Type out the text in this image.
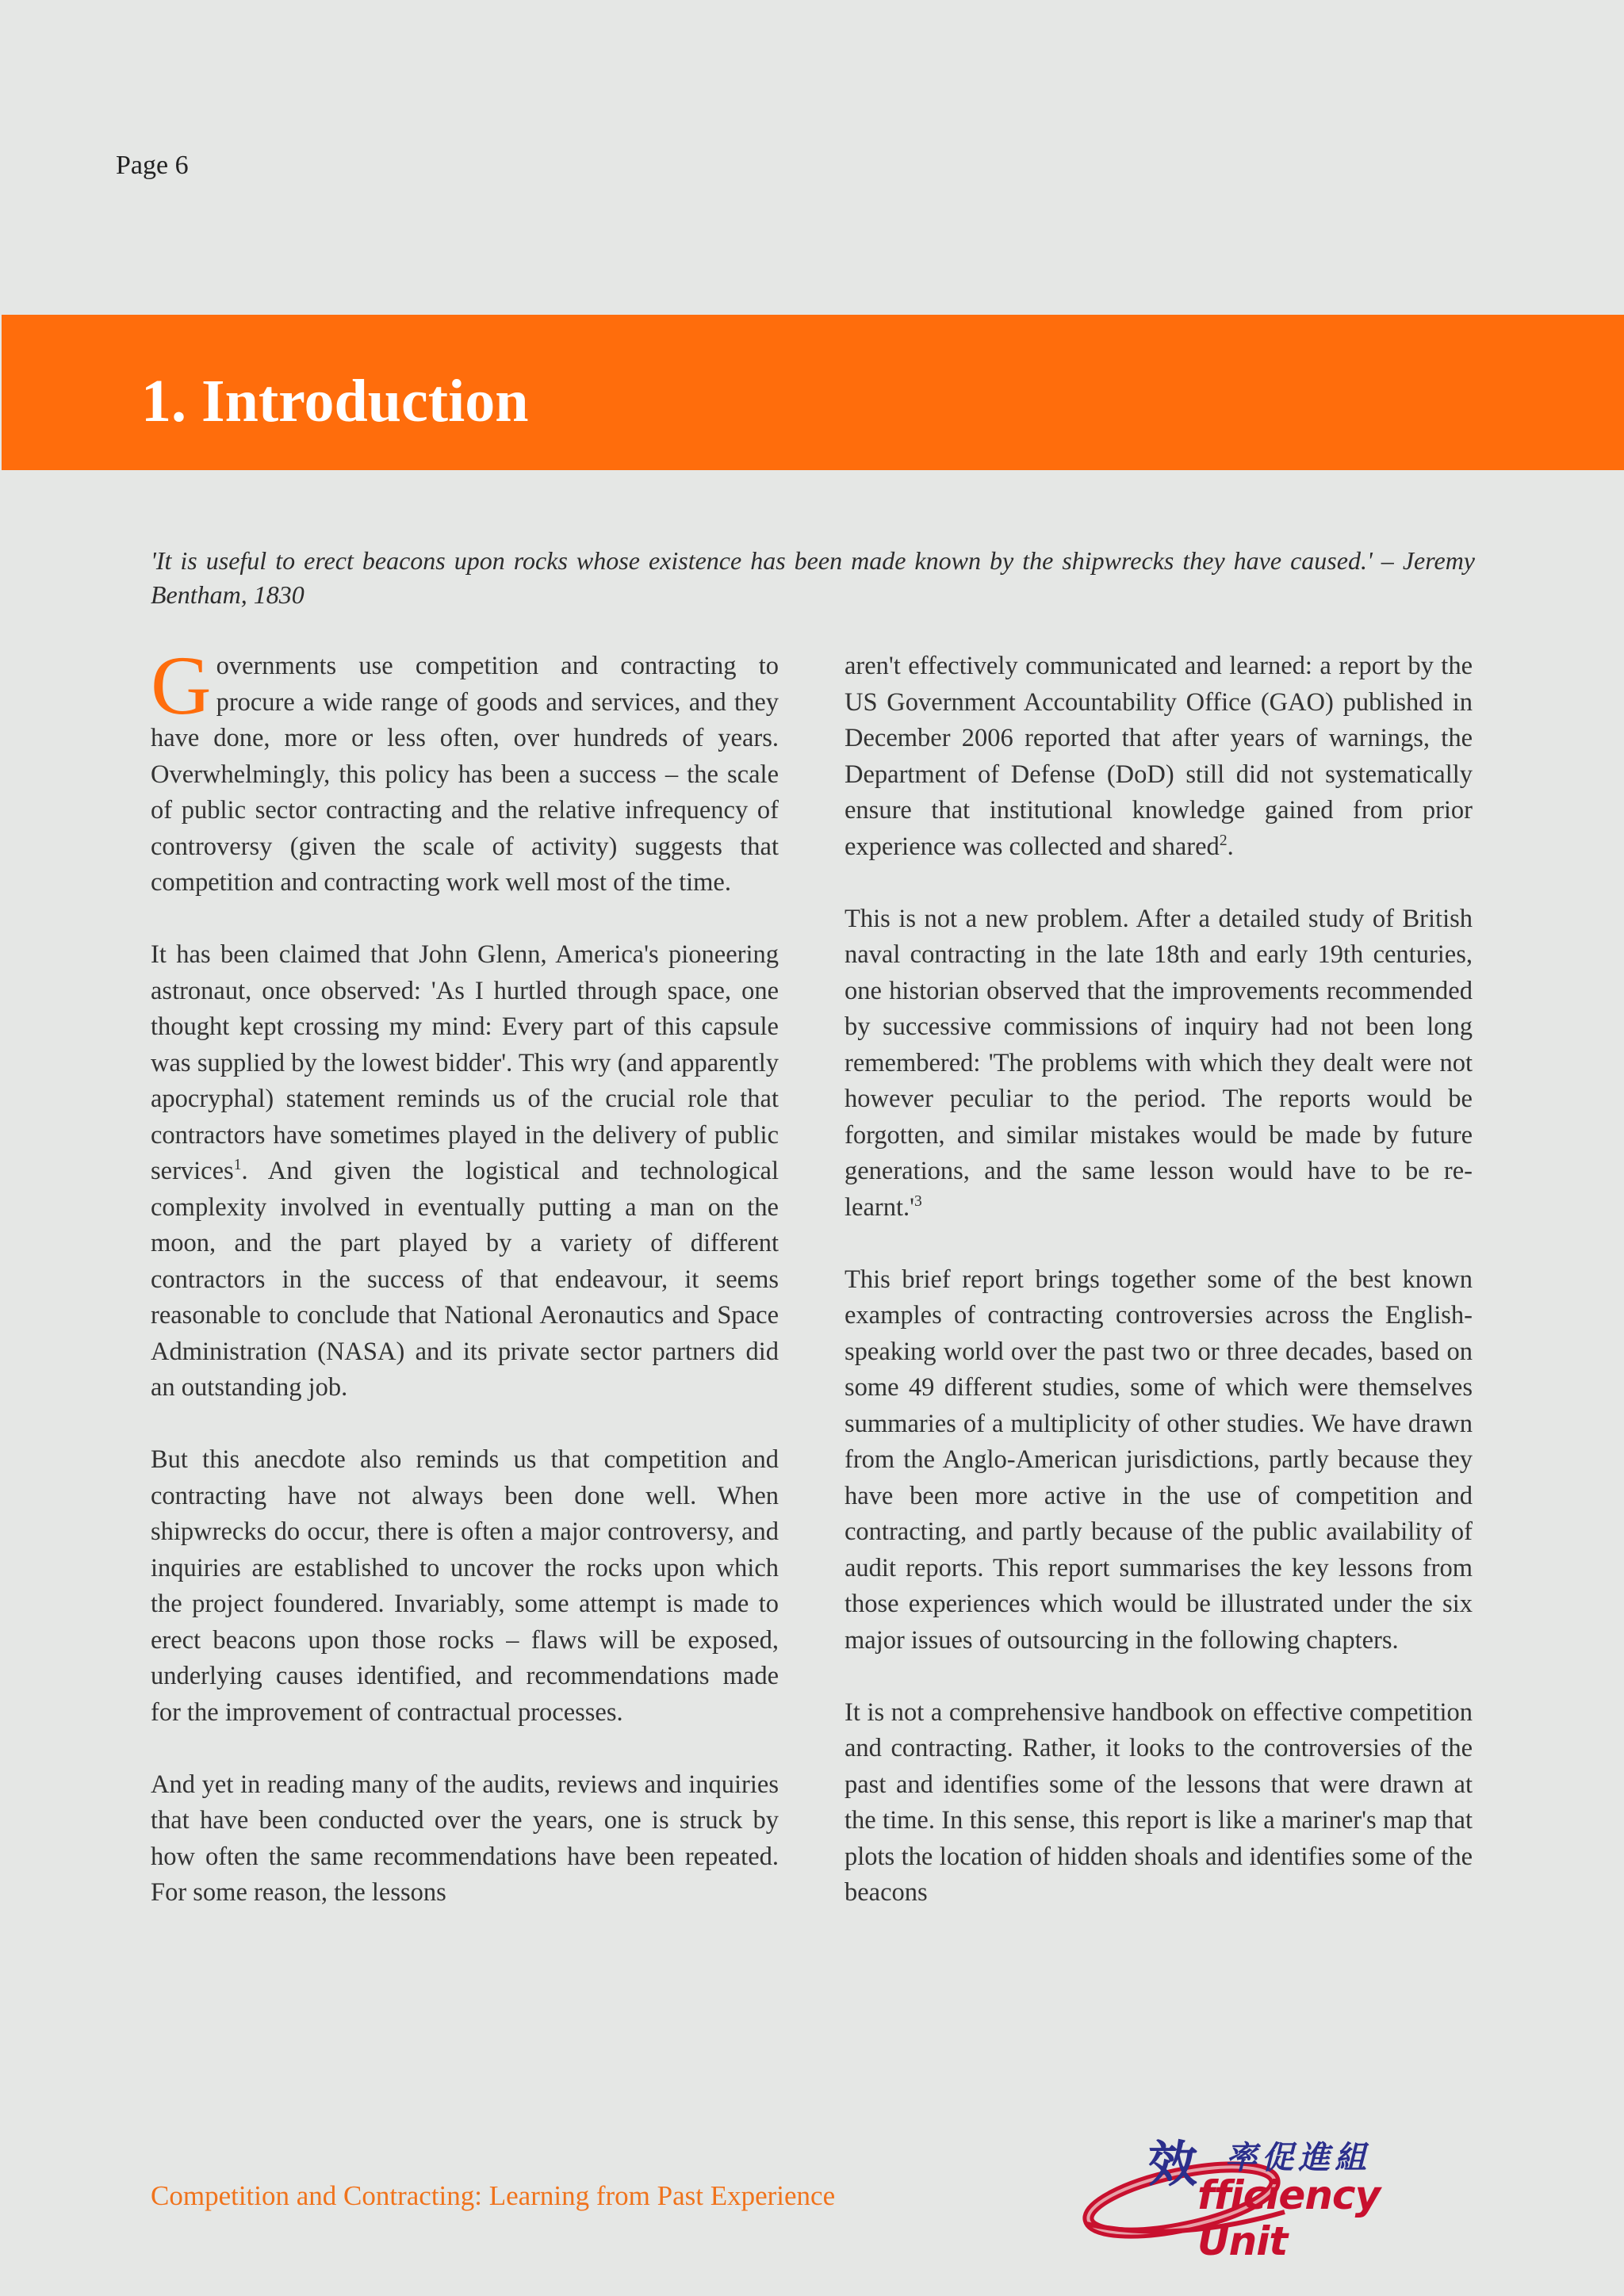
Page 6
1. Introduction
'It is useful to erect beacons upon rocks whose existence has been made known by the shipwrecks they have caused.' – Jeremy Bentham, 1830

Governments use competition and contracting to procure a wide range of goods and services, and they have done, more or less often, over hundreds of years. Overwhelmingly, this policy has been a success – the scale of public sector contracting and the relative infrequency of controversy (given the scale of activity) suggests that competition and contracting work well most of the time.

It has been claimed that John Glenn, America's pioneering astronaut, once observed: 'As I hurtled through space, one thought kept crossing my mind: Every part of this capsule was supplied by the lowest bidder'. This wry (and apparently apocryphal) statement reminds us of the crucial role that contractors have sometimes played in the delivery of public services$^1$. And given the logistical and technological complexity involved in eventually putting a man on the moon, and the part played by a variety of different contractors in the success of that endeavour, it seems reasonable to conclude that National Aeronautics and Space Administration (NASA) and its private sector partners did an outstanding job.

But this anecdote also reminds us that competition and contracting have not always been done well. When shipwrecks do occur, there is often a major controversy, and inquiries are established to uncover the rocks upon which the project foundered. Invariably, some attempt is made to erect beacons upon those rocks – flaws will be exposed, underlying causes identified, and recommendations made for the improvement of contractual processes.

And yet in reading many of the audits, reviews and inquiries that have been conducted over the years, one is struck by how often the same recommendations have been repeated. For some reason, the lessons

aren't effectively communicated and learned: a report by the US Government Accountability Office (GAO) published in December 2006 reported that after years of warnings, the Department of Defense (DoD) still did not systematically ensure that institutional knowledge gained from prior experience was collected and shared$^2$.

This is not a new problem. After a detailed study of British naval contracting in the late 18th and early 19th centuries, one historian observed that the improvements recommended by successive commissions of inquiry had not been long remembered: 'The problems with which they dealt were not however peculiar to the period. The reports would be forgotten, and similar mistakes would be made by future generations, and the same lesson would have to be $re-learnt.'^3$

This brief report brings together some of the best known examples of contracting controversies across the English-speaking world over the past two or three decades, based on some 49 different studies, some of which were themselves summaries of a multiplicity of other studies. We have drawn from the Anglo-American jurisdictions, partly because they have been more active in the use of competition and contracting, and partly because of the public availability of audit reports. This report summarises the key lessons from those experiences which would be illustrated under the six major issues of outsourcing in the following chapters.

It is not a comprehensive handbook on effective competition and contracting. Rather, it looks to the controversies of the past and identifies some of the lessons that were drawn at the time. In this sense, this report is like a mariner's map that plots the location of hidden shoals and identifies some of the beacons

Competition and Contracting: Learning from Past Experience
效 率促進組
fficiency Unit
